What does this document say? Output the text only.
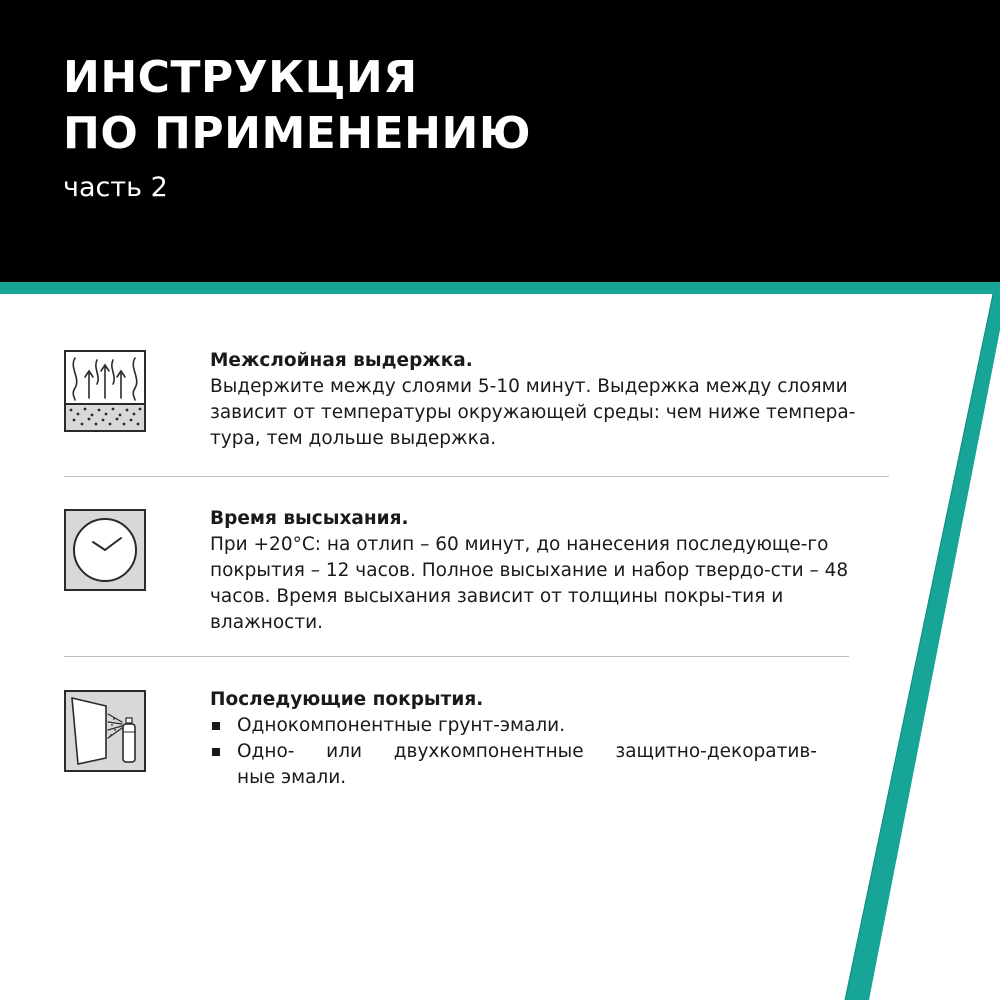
ИНСТРУКЦИЯ
ПО ПРИМЕНЕНИЮ
часть 2
Межслойная выдержка.
Выдержите между слоями 5-10 минут. Выдержка между слоями зависит от температуры окружающей среды: чем ниже темпера-тура, тем дольше выдержка.
Время высыхания.
При +20°С: на отлип – 60 минут, до нанесения последующе-го покрытия – 12 часов. Полное высыхание и набор твердо-сти – 48 часов. Время высыхания зависит от толщины покры-тия и влажности.
Последующие покрытия.
Однокомпонентные грунт-эмали.
Одно- или двухкомпонентные защитно-декоратив-
ные эмали.
